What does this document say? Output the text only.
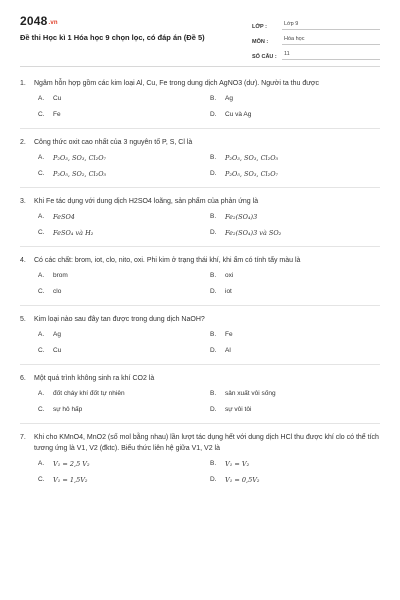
2048.vn
Đề thi Học kì 1 Hóa học 9 chọn lọc, có đáp án (Đề 5)
LỚP :	Lớp 9
MÔN :	Hóa học
SỐ CÂU :	11
1.	Ngâm hỗn hợp gồm các kim loại Al, Cu, Fe trong dung dịch AgNO3 (dư). Người ta thu được
A.	Cu	B.	Ag
C.	Fe	D.	Cu và Ag
2.	Công thức oxit cao nhất của 3 nguyên tố P, S, Cl là
A.	P₂O₃, SO₃, Cl₂O₇	B.	P₂O₃, SO₃, Cl₂O₅
C.	P₂O₅, SO₂, Cl₂O₅	D.	P₂O₅, SO₃, Cl₂O₇
3.	Khi Fe tác dụng với dung dịch H2SO4 loãng, sản phẩm của phản ứng là
A.	FeSO4	B.	Fe₂(SO₄)3
C.	FeSO₄ và H₂	D.	Fe₂(SO₄)3 và SO₂
4.	Có các chất: brom, iot, clo, nito, oxi. Phi kim ở trạng thái khí, khi ẩm có tính tẩy màu là
A.	brom	B.	oxi
C.	clo	D.	iot
5.	Kim loại nào sau đây tan được trong dung dịch NaOH?
A.	Ag	B.	Fe
C.	Cu	D.	Al
6.	Một quá trình không sinh ra khí CO2 là
A.	đốt cháy khí đốt tự nhiên	B.	sản xuất vôi sống
C.	sự hô hấp	D.	sự vôi tôi
7.	Khi cho KMnO4, MnO2 (số mol bằng nhau) lần lượt tác dụng hết với dung dịch HCl thu được khí clo có thể tích tương ứng là V1, V2 (đktc). Biểu thức liên hệ giữa V1, V2 là
A.	V₁ = 2,5 V₂	B.	V₁ = V₂
C.	V₁ = 1,5V₂	D.	V₁ = 0,5V₂
